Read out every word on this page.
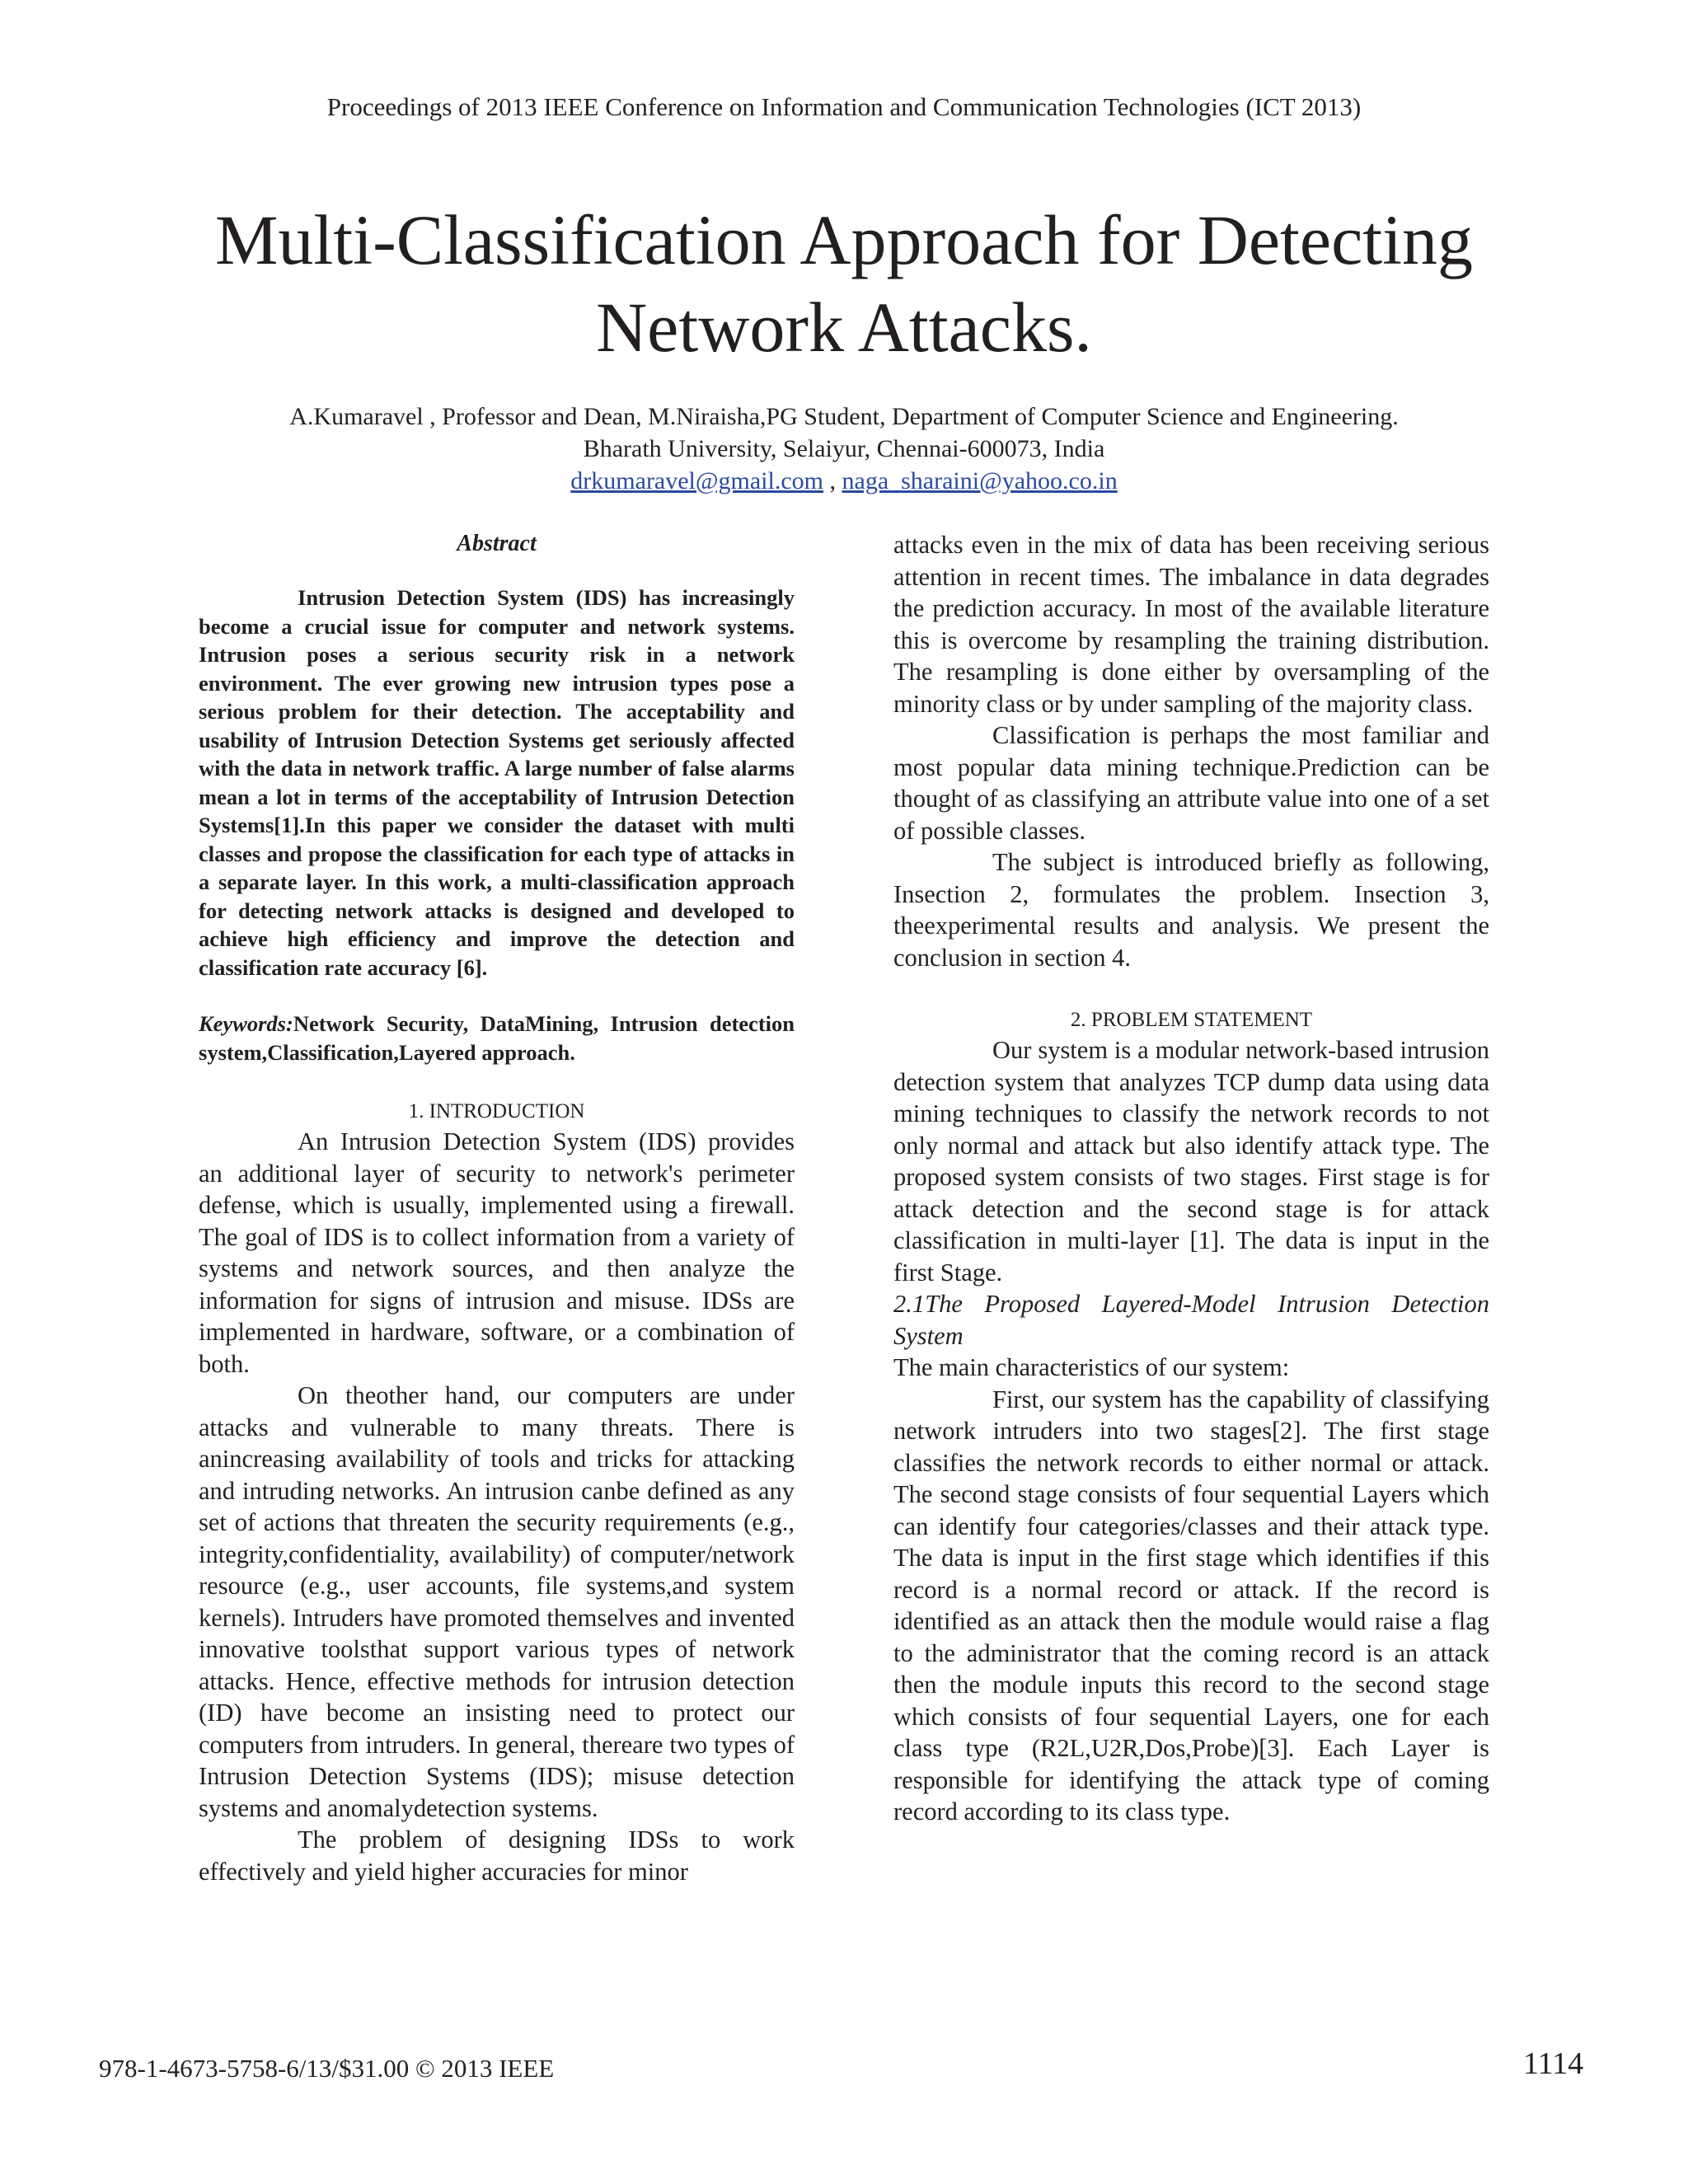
Proceedings of 2013 IEEE Conference on Information and Communication Technologies (ICT 2013)
Multi-Classification Approach for Detecting
Network Attacks.
A.Kumaravel , Professor and Dean, M.Niraisha,PG Student, Department of Computer Science and Engineering.
Bharath University, Selaiyur, Chennai-600073, India
drkumaravel@gmail.com , naga_sharaini@yahoo.co.in

Abstract

Intrusion Detection System (IDS) has increasingly become a crucial issue for computer and network systems. Intrusion poses a serious security risk in a network environment. The ever growing new intrusion types pose a serious problem for their detection. The acceptability and usability of Intrusion Detection Systems get seriously affected with the data in network traffic. A large number of false alarms mean a lot in terms of the acceptability of Intrusion Detection Systems[1].In this paper we consider the dataset with multi classes and propose the classification for each type of attacks in a separate layer. In this work, a multi-classification approach for detecting network attacks is designed and developed to achieve high efficiency and improve the detection and classification rate accuracy [6].

Keywords:Network Security, DataMining, Intrusion detection system,Classification,Layered approach.

1. INTRODUCTION

An Intrusion Detection System (IDS) provides an additional layer of security to network's perimeter defense, which is usually, implemented using a firewall. The goal of IDS is to collect information from a variety of systems and network sources, and then analyze the information for signs of intrusion and misuse. IDSs are implemented in hardware, software, or a combination of both.

On theother hand, our computers are under attacks and vulnerable to many threats. There is anincreasing availability of tools and tricks for attacking and intruding networks. An intrusion canbe defined as any set of actions that threaten the security requirements (e.g., integrity,confidentiality, availability) of computer/network resource (e.g., user accounts, file systems,and system kernels). Intruders have promoted themselves and invented innovative toolsthat support various types of network attacks. Hence, effective methods for intrusion detection (ID) have become an insisting need to protect our computers from intruders. In general, thereare two types of Intrusion Detection Systems (IDS); misuse detection systems and anomalydetection systems.

The problem of designing IDSs to work effectively and yield higher accuracies for minor

attacks even in the mix of data has been receiving serious attention in recent times. The imbalance in data degrades the prediction accuracy. In most of the available literature this is overcome by resampling the training distribution. The resampling is done either by oversampling of the minority class or by under sampling of the majority class.

Classification is perhaps the most familiar and most popular data mining technique.Prediction can be thought of as classifying an attribute value into one of a set of possible classes.

The subject is introduced briefly as following, Insection 2, formulates the problem. Insection 3, theexperimental results and analysis. We present the conclusion in section 4.

2. PROBLEM STATEMENT

Our system is a modular network-based intrusion detection system that analyzes TCP dump data using data mining techniques to classify the network records to not only normal and attack but also identify attack type. The proposed system consists of two stages. First stage is for attack detection and the second stage is for attack classification in multi-layer [1]. The data is input in the first Stage.

2.1The Proposed Layered-Model Intrusion Detection System

The main characteristics of our system:

First, our system has the capability of classifying network intruders into two stages[2]. The first stage classifies the network records to either normal or attack. The second stage consists of four sequential Layers which can identify four categories/classes and their attack type. The data is input in the first stage which identifies if this record is a normal record or attack. If the record is identified as an attack then the module would raise a flag to the administrator that the coming record is an attack then the module inputs this record to the second stage which consists of four sequential Layers, one for each class type (R2L,U2R,Dos,Probe)[3]. Each Layer is responsible for identifying the attack type of coming record according to its class type.

978-1-4673-5758-6/13/$31.00 © 2013 IEEE	1114
